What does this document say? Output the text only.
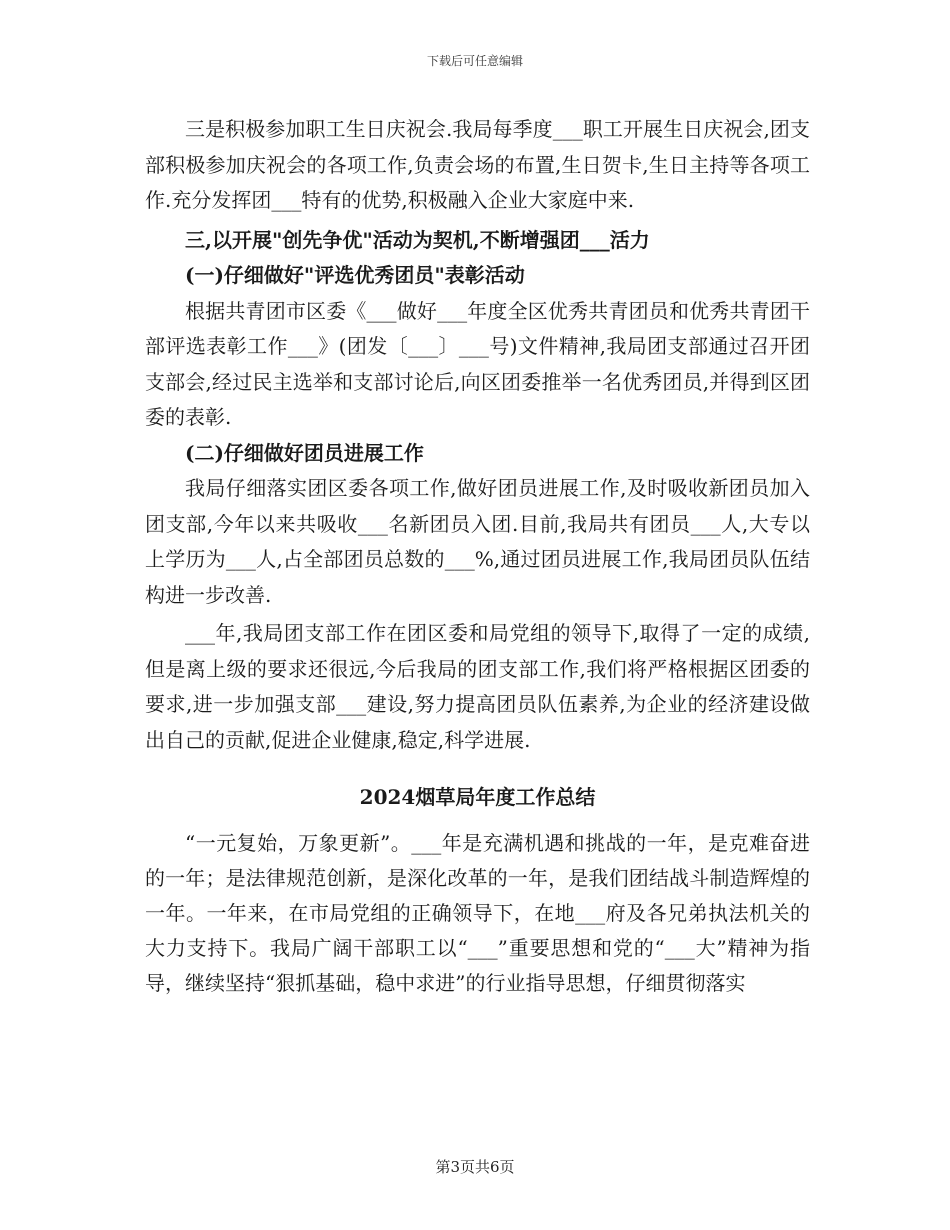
下载后可任意编辑

三是积极参加职工生日庆祝会.我局每季度___职工开展生日庆祝会,团支部积极参加庆祝会的各项工作,负责会场的布置,生日贺卡,生日主持等各项工作.充分发挥团___特有的优势,积极融入企业大家庭中来.

三,以开展"创先争优"活动为契机,不断增强团___活力

(一)仔细做好"评选优秀团员"表彰活动

根据共青团市区委《___做好___年度全区优秀共青团员和优秀共青团干部评选表彰工作___》(团发〔___〕___号)文件精神,我局团支部通过召开团支部会,经过民主选举和支部讨论后,向区团委推举一名优秀团员,并得到区团委的表彰.

(二)仔细做好团员进展工作

我局仔细落实团区委各项工作,做好团员进展工作,及时吸收新团员加入团支部,今年以来共吸收___名新团员入团.目前,我局共有团员___人,大专以上学历为___人,占全部团员总数的___%,通过团员进展工作,我局团员队伍结构进一步改善.

___年,我局团支部工作在团区委和局党组的领导下,取得了一定的成绩,但是离上级的要求还很远,今后我局的团支部工作,我们将严格根据区团委的要求,进一步加强支部___建设,努力提高团员队伍素养,为企业的经济建设做出自己的贡献,促进企业健康,稳定,科学进展.

2024烟草局年度工作总结

“一元复始，万象更新”。___年是充满机遇和挑战的一年，是克难奋进的一年；是法律规范创新，是深化改革的一年，是我们团结战斗制造辉煌的一年。一年来，在市局党组的正确领导下，在地___府及各兄弟执法机关的大力支持下。我局广阔干部职工以“___”重要思想和党的“___大”精神为指导，继续坚持“狠抓基础，稳中求进”的行业指导思想，仔细贯彻落实

第3页共6页
